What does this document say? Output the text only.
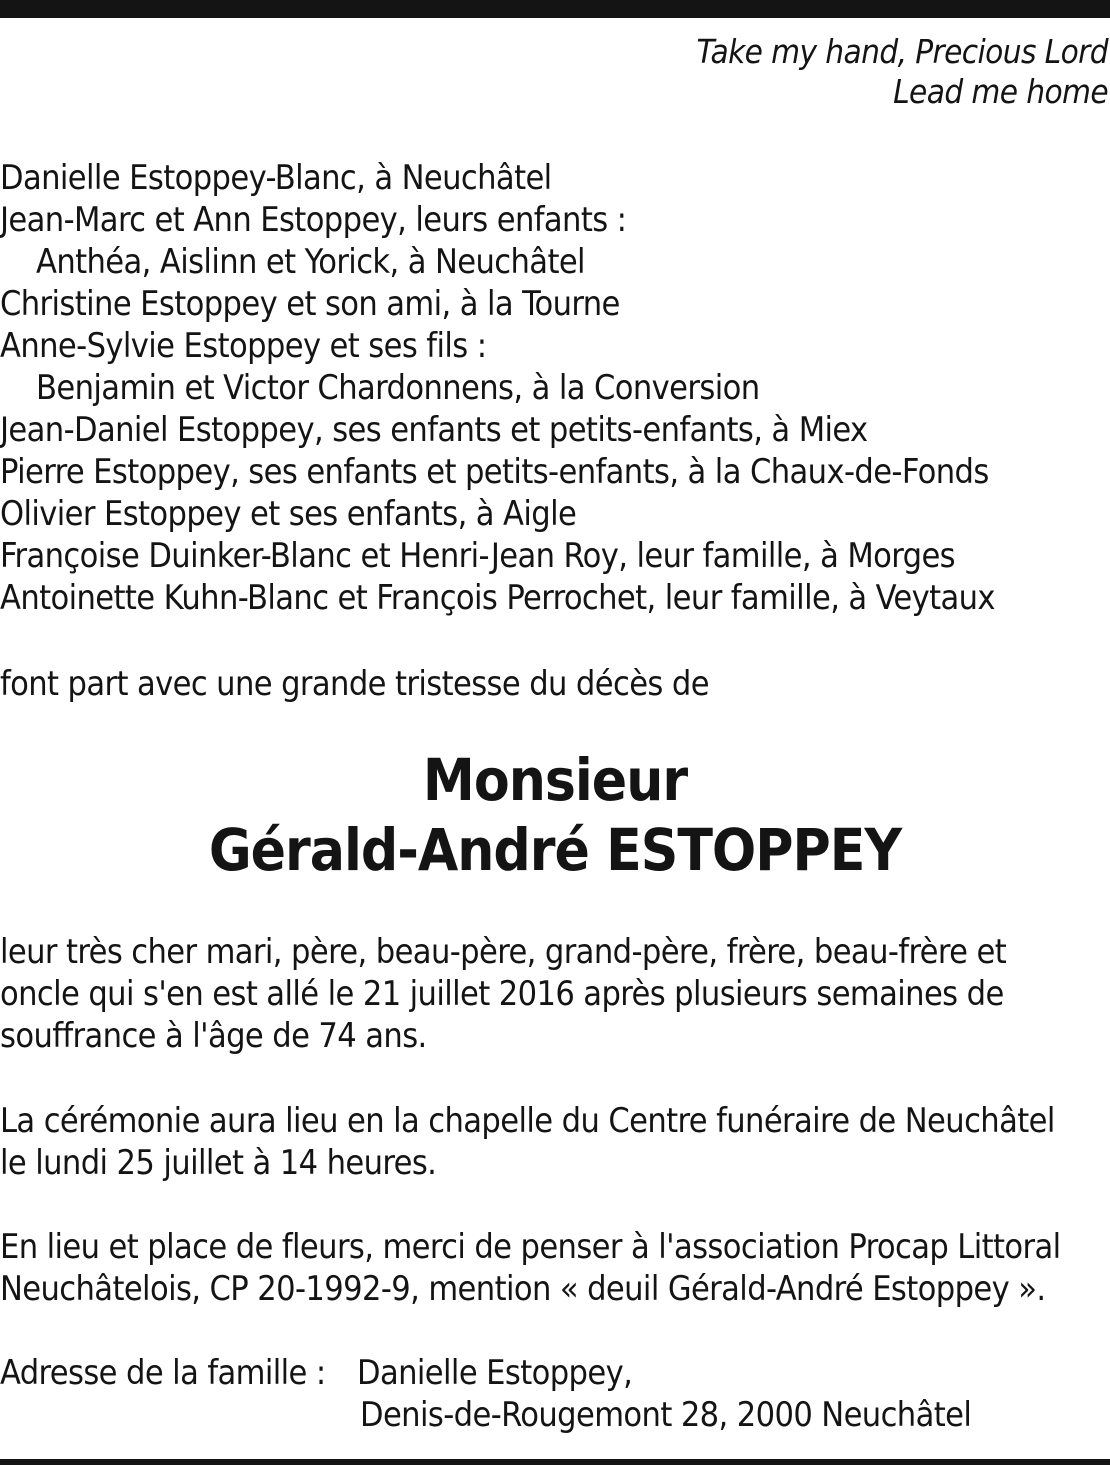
Take my hand, Precious Lord
Lead me home
Danielle Estoppey-Blanc, à Neuchâtel
Jean-Marc et Ann Estoppey, leurs enfants :
Anthéa, Aislinn et Yorick, à Neuchâtel
Christine Estoppey et son ami, à la Tourne
Anne-Sylvie Estoppey et ses fils :
Benjamin et Victor Chardonnens, à la Conversion
Jean-Daniel Estoppey, ses enfants et petits-enfants, à Miex
Pierre Estoppey, ses enfants et petits-enfants, à la Chaux-de-Fonds
Olivier Estoppey et ses enfants, à Aigle
Françoise Duinker-Blanc et Henri-Jean Roy, leur famille, à Morges
Antoinette Kuhn-Blanc et François Perrochet, leur famille, à Veytaux
font part avec une grande tristesse du décès de
Monsieur
Gérald-André ESTOPPEY
leur très cher mari, père, beau-père, grand-père, frère, beau-frère et
oncle qui s'en est allé le 21 juillet 2016 après plusieurs semaines de
souffrance à l'âge de 74 ans.
La cérémonie aura lieu en la chapelle du Centre funéraire de Neuchâtel
le lundi 25 juillet à 14 heures.
En lieu et place de fleurs, merci de penser à l'association Procap Littoral
Neuchâtelois, CP 20-1992-9, mention « deuil Gérald-André Estoppey ».
Adresse de la famille : Danielle Estoppey,
Denis-de-Rougemont 28, 2000 Neuchâtel
